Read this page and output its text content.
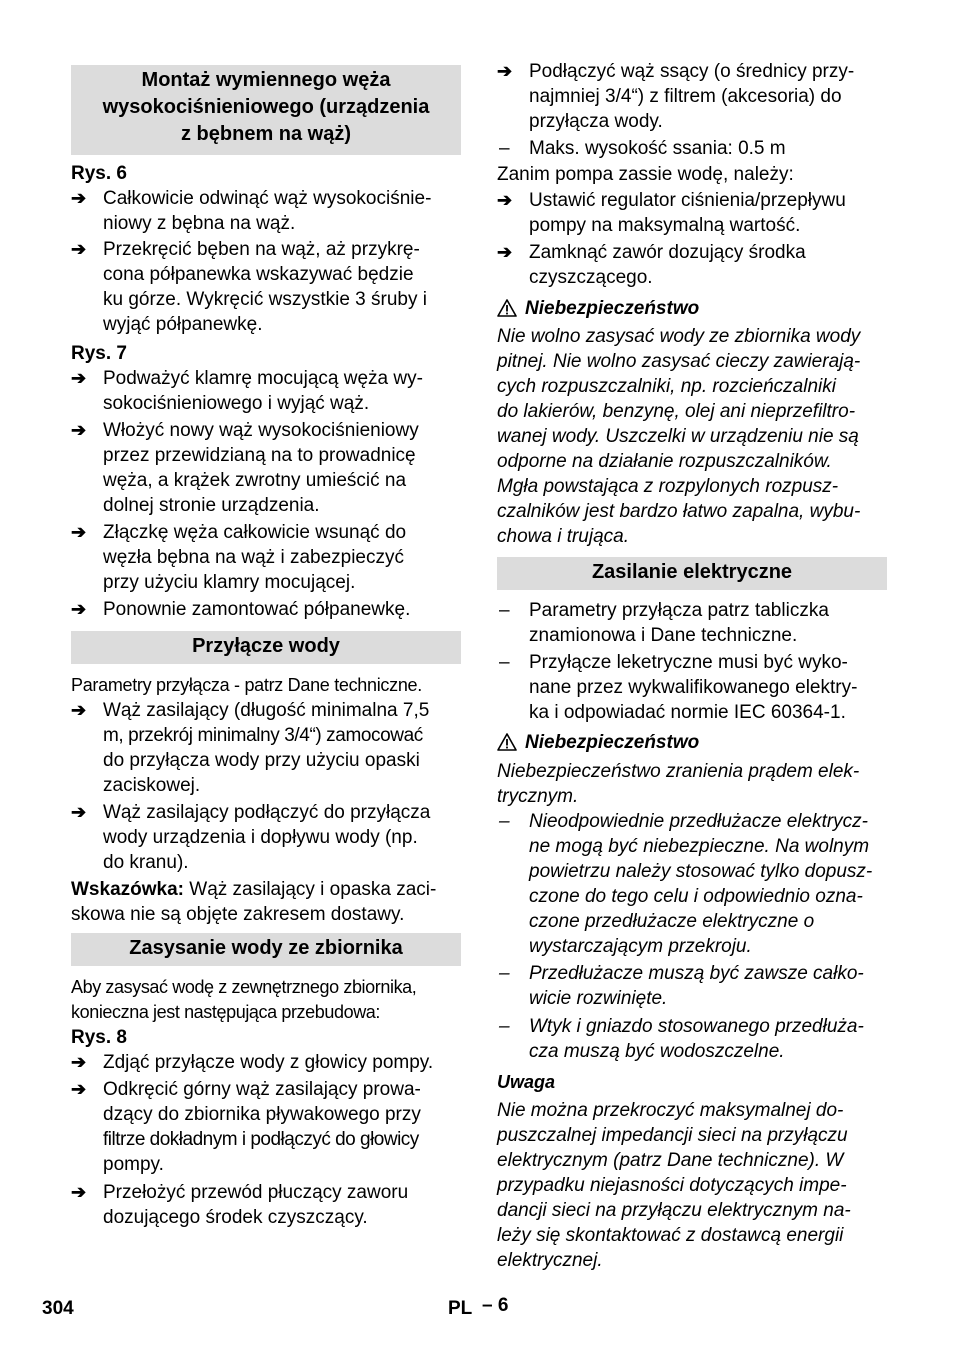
Montaż wymiennego węża
wysokociśnieniowego (urządzenia
z bębnem na wąż)
Rys. 6
➔ Całkowicie odwinąć wąż wysokociśnie-
niowy z bębna na wąż.
➔ Przekręcić bęben na wąż, aż przykrę-
cona półpanewka wskazywać będzie
ku górze. Wykręcić wszystkie 3 śruby i
wyjąć półpanewkę.
Rys. 7
➔ Podważyć klamrę mocującą węża wy-
sokociśnieniowego i wyjąć wąż.
➔ Włożyć nowy wąż wysokociśnieniowy
przez przewidzianą na to prowadnicę
węża, a krążek zwrotny umieścić na
dolnej stronie urządzenia.
➔ Złączkę węża całkowicie wsunąć do
węzła bębna na wąż i zabezpieczyć
przy użyciu klamry mocującej.
➔ Ponownie zamontować półpanewkę.
Przyłącze wody
Parametry przyłącza - patrz Dane techniczne.
➔ Wąż zasilający (długość minimalna 7,5
m, przekrój minimalny 3/4“) zamocować
do przyłącza wody przy użyciu opaski
zaciskowej.
➔ Wąż zasilający podłączyć do przyłącza
wody urządzenia i dopływu wody (np.
do kranu).
Wskazówka: Wąż zasilający i opaska zaci-
skowa nie są objęte zakresem dostawy.
Zasysanie wody ze zbiornika
Aby zasysać wodę z zewnętrznego zbiornika,
konieczna jest następująca przebudowa:
Rys. 8
➔ Zdjąć przyłącze wody z głowicy pompy.
➔ Odkręcić górny wąż zasilający prowa-
dzący do zbiornika pływakowego przy
filtrze dokładnym i podłączyć do głowicy
pompy.
➔ Przełożyć przewód płuczący zaworu
dozującego środek czyszczący.
➔ Podłączyć wąż ssący (o średnicy przy-
najmniej 3/4“) z filtrem (akcesoria) do
przyłącza wody.
– Maks. wysokość ssania: 0.5 m
Zanim pompa zassie wodę, należy:
➔ Ustawić regulator ciśnienia/przepływu
pompy na maksymalną wartość.
➔ Zamknąć zawór dozujący środka
czyszczącego.
Niebezpieczeństwo
Nie wolno zasysać wody ze zbiornika wody
pitnej. Nie wolno zasysać cieczy zawierają-
cych rozpuszczalniki, np. rozcieńczalniki
do lakierów, benzynę, olej ani nieprzefiltro-
wanej wody. Uszczelki w urządzeniu nie są
odporne na działanie rozpuszczalników.
Mgła powstająca z rozpylonych rozpusz-
czalników jest bardzo łatwo zapalna, wybu-
chowa i trująca.
Zasilanie elektryczne
– Parametry przyłącza patrz tabliczka
znamionowa i Dane techniczne.
– Przyłącze leketryczne musi być wyko-
nane przez wykwalifikowanego elektry-
ka i odpowiadać normie IEC 60364-1.
Niebezpieczeństwo
Niebezpieczeństwo zranienia prądem elek-
trycznym.
– Nieodpowiednie przedłużacze elektrycz-
ne mogą być niebezpieczne. Na wolnym
powietrzu należy stosować tylko dopusz-
czone do tego celu i odpowiednio ozna-
czone przedłużacze elektryczne o
wystarczającym przekroju.
– Przedłużacze muszą być zawsze całko-
wicie rozwinięte.
– Wtyk i gniazdo stosowanego przedłuża-
cza muszą być wodoszczelne.
Uwaga
Nie można przekroczyć maksymalnej do-
puszczalnej impedancji sieci na przyłączu
elektrycznym (patrz Dane techniczne). W
przypadku niejasności dotyczących impe-
dancji sieci na przyłączu elektrycznym na-
leży się skontaktować z dostawcą energii
elektrycznej.
304	PL – 6
